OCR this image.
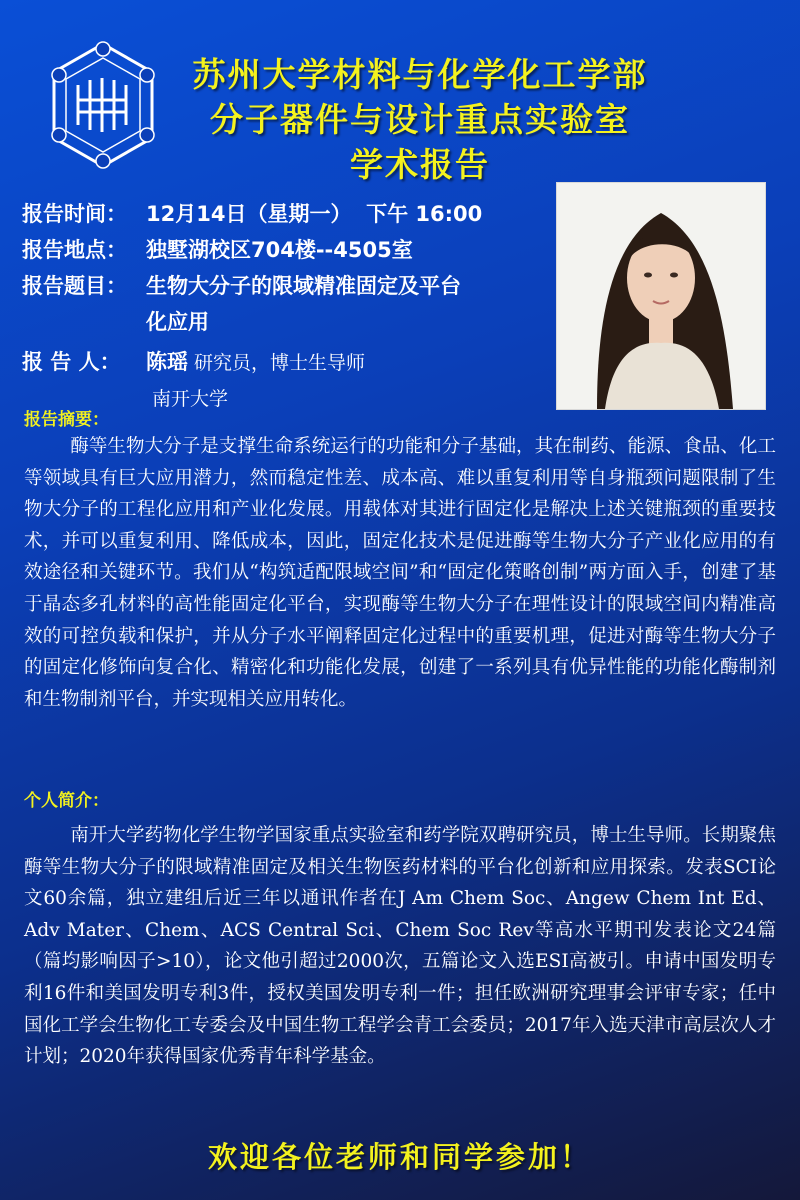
苏州大学材料与化学化工学部
分子器件与设计重点实验室
学术报告
报告时间： 12月14日（星期一）  下午 16:00
报告地点： 独墅湖校区704楼--4505室
报告题目： 生物大分子的限域精准固定及平台
化应用
报 告 人：	陈瑶 研究员，博士生导师
南开大学
报告摘要：

酶等生物大分子是支撑生命系统运行的功能和分子基础，其在制药、能源、食品、化工等领域具有巨大应用潜力，然而稳定性差、成本高、难以重复利用等自身瓶颈问题限制了生物大分子的工程化应用和产业化发展。用载体对其进行固定化是解决上述关键瓶颈的重要技术，并可以重复利用、降低成本，因此，固定化技术是促进酶等生物大分子产业化应用的有效途径和关键环节。我们从“构筑适配限域空间”和“固定化策略创制”两方面入手，创建了基于晶态多孔材料的高性能固定化平台，实现酶等生物大分子在理性设计的限域空间内精准高效的可控负载和保护，并从分子水平阐释固定化过程中的重要机理，促进对酶等生物大分子的固定化修饰向复合化、精密化和功能化发展，创建了一系列具有优异性能的功能化酶制剂和生物制剂平台，并实现相关应用转化。

个人简介：

南开大学药物化学生物学国家重点实验室和药学院双聘研究员，博士生导师。长期聚焦酶等生物大分子的限域精准固定及相关生物医药材料的平台化创新和应用探索。发表SCI论文60余篇，独立建组后近三年以通讯作者在J Am Chem Soc、Angew Chem Int Ed、Adv Mater、Chem、ACS Central Sci、Chem Soc Rev等高水平期刊发表论文24篇（篇均影响因子>10），论文他引超过2000次，五篇论文入选ESI高被引。申请中国发明专利16件和美国发明专利3件，授权美国发明专利一件；担任欧洲研究理事会评审专家；任中国化工学会生物化工专委会及中国生物工程学会青工会委员；2017年入选天津市高层次人才计划；2020年获得国家优秀青年科学基金。

欢迎各位老师和同学参加！
